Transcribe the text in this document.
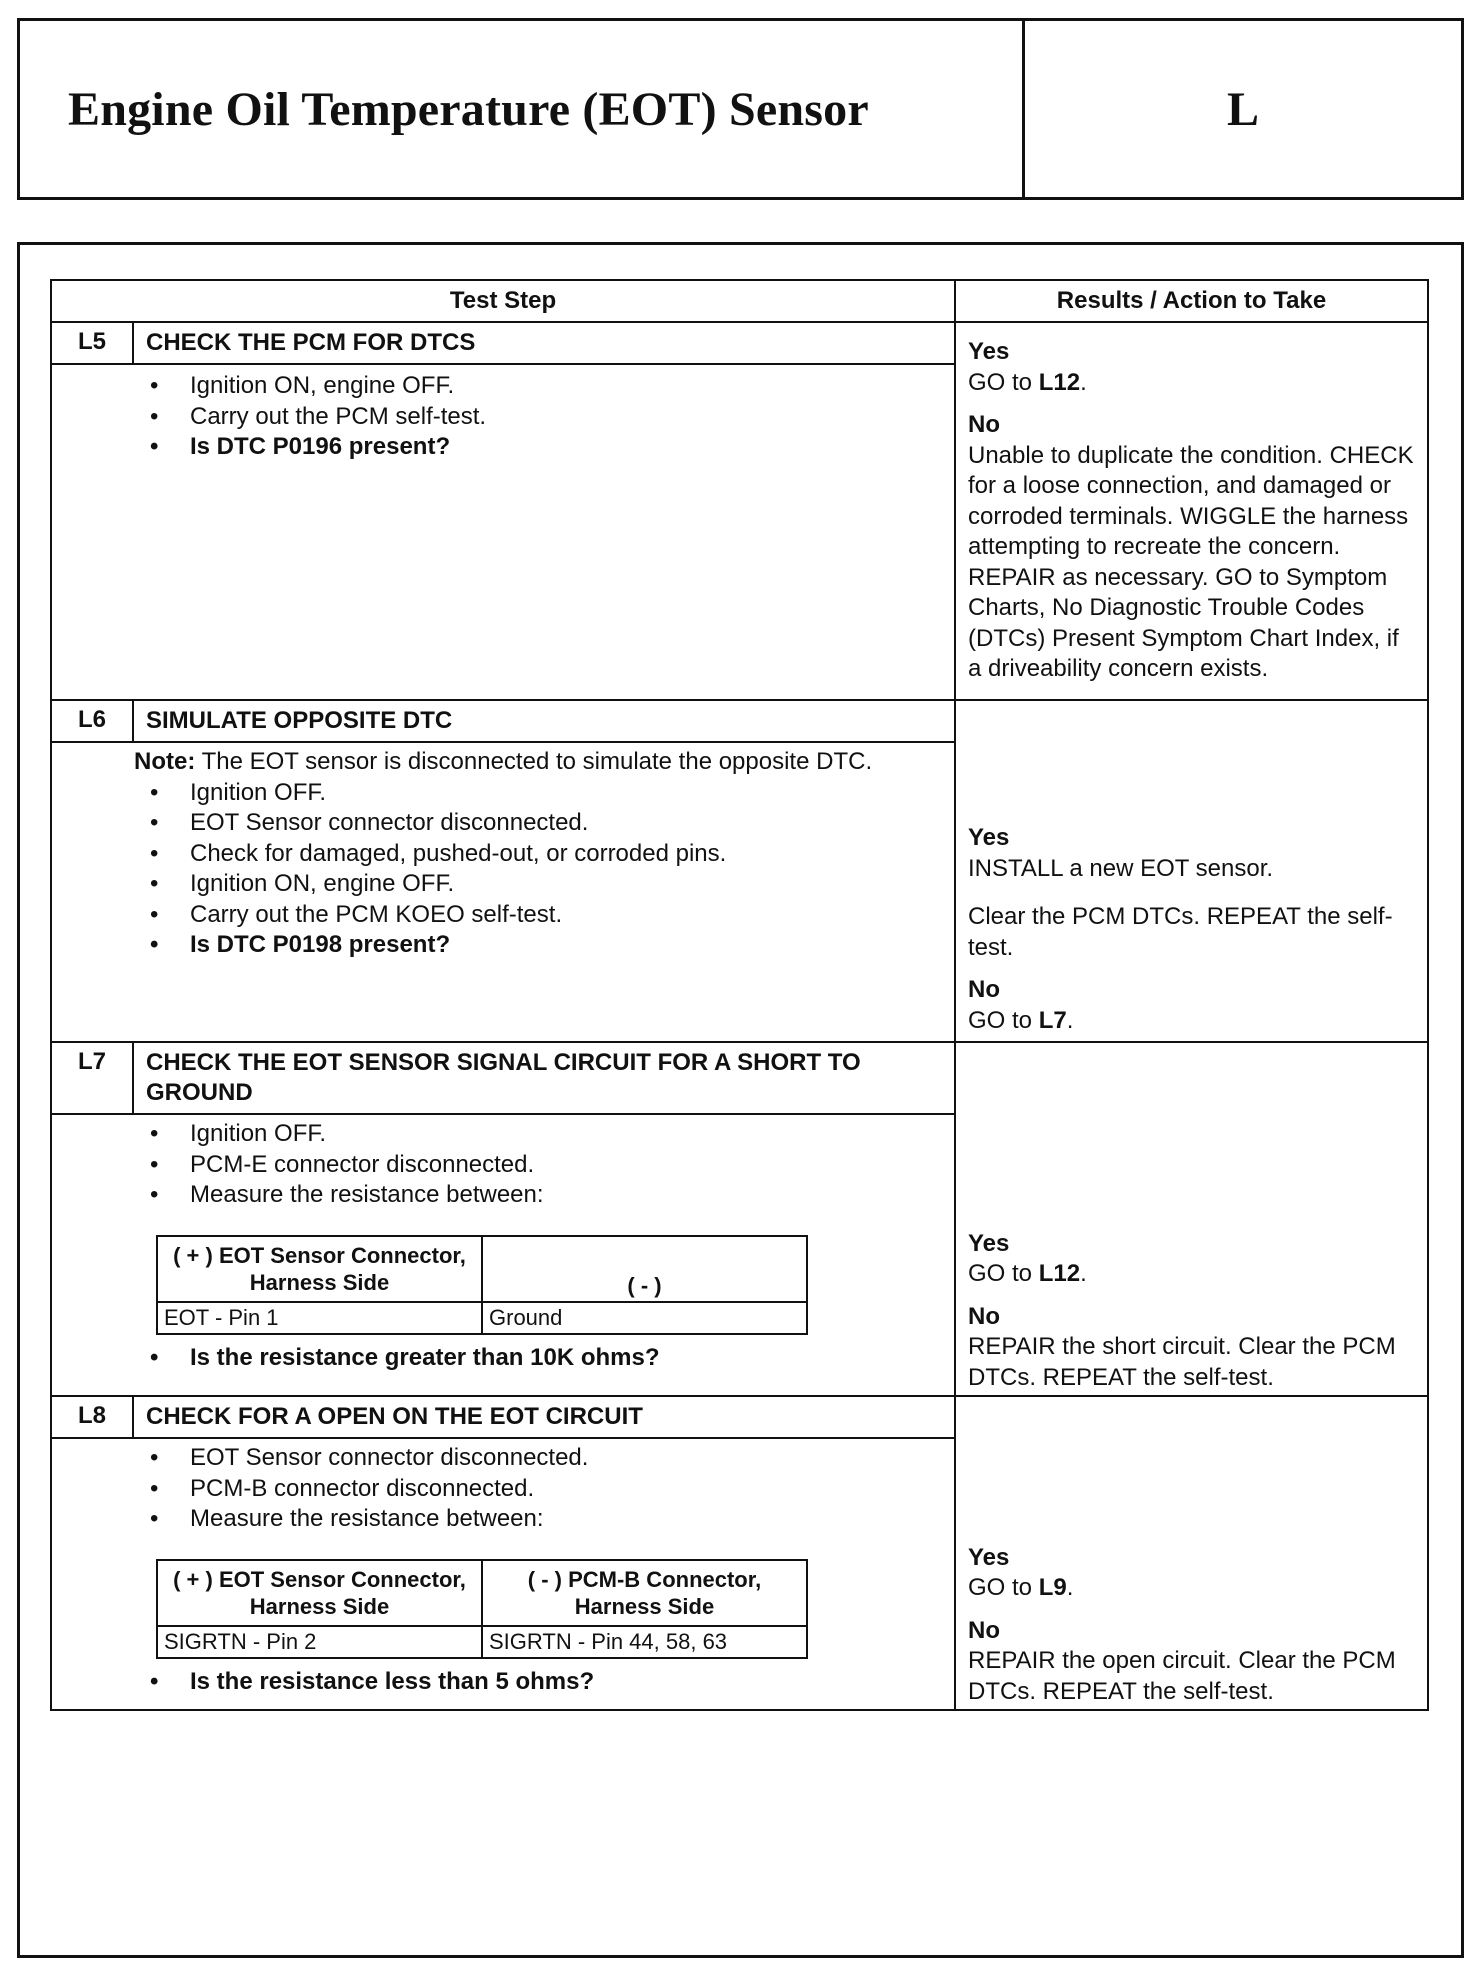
Engine Oil Temperature (EOT) Sensor	L
Test Step	Results / Action to Take

L5	CHECK THE PCM FOR DTCS
• Ignition ON, engine OFF.
• Carry out the PCM self-test.
• Is DTC P0196 present?

Yes
GO to L12.
No
Unable to duplicate the condition. CHECK for a loose connection, and damaged or corroded terminals. WIGGLE the harness attempting to recreate the concern. REPAIR as necessary. GO to Symptom Charts, No Diagnostic Trouble Codes (DTCs) Present Symptom Chart Index, if a driveability concern exists.

L6	SIMULATE OPPOSITE DTC
Note: The EOT sensor is disconnected to simulate the opposite DTC.
• Ignition OFF.
• EOT Sensor connector disconnected.
• Check for damaged, pushed-out, or corroded pins.
• Ignition ON, engine OFF.
• Carry out the PCM KOEO self-test.
• Is DTC P0198 present?

Yes
INSTALL a new EOT sensor.
Clear the PCM DTCs. REPEAT the self-test.
No
GO to L7.

L7	CHECK THE EOT SENSOR SIGNAL CIRCUIT FOR A SHORT TO GROUND
• Ignition OFF.
• PCM-E connector disconnected.
• Measure the resistance between:
( + ) EOT Sensor Connector, Harness Side	( - )
EOT - Pin 1	Ground
• Is the resistance greater than 10K ohms?

Yes
GO to L12.
No
REPAIR the short circuit. Clear the PCM DTCs. REPEAT the self-test.

L8	CHECK FOR A OPEN ON THE EOT CIRCUIT
• EOT Sensor connector disconnected.
• PCM-B connector disconnected.
• Measure the resistance between:
( + ) EOT Sensor Connector, Harness Side	( - ) PCM-B Connector, Harness Side
SIGRTN - Pin 2	SIGRTN - Pin 44, 58, 63
• Is the resistance less than 5 ohms?

Yes
GO to L9.
No
REPAIR the open circuit. Clear the PCM DTCs. REPEAT the self-test.
